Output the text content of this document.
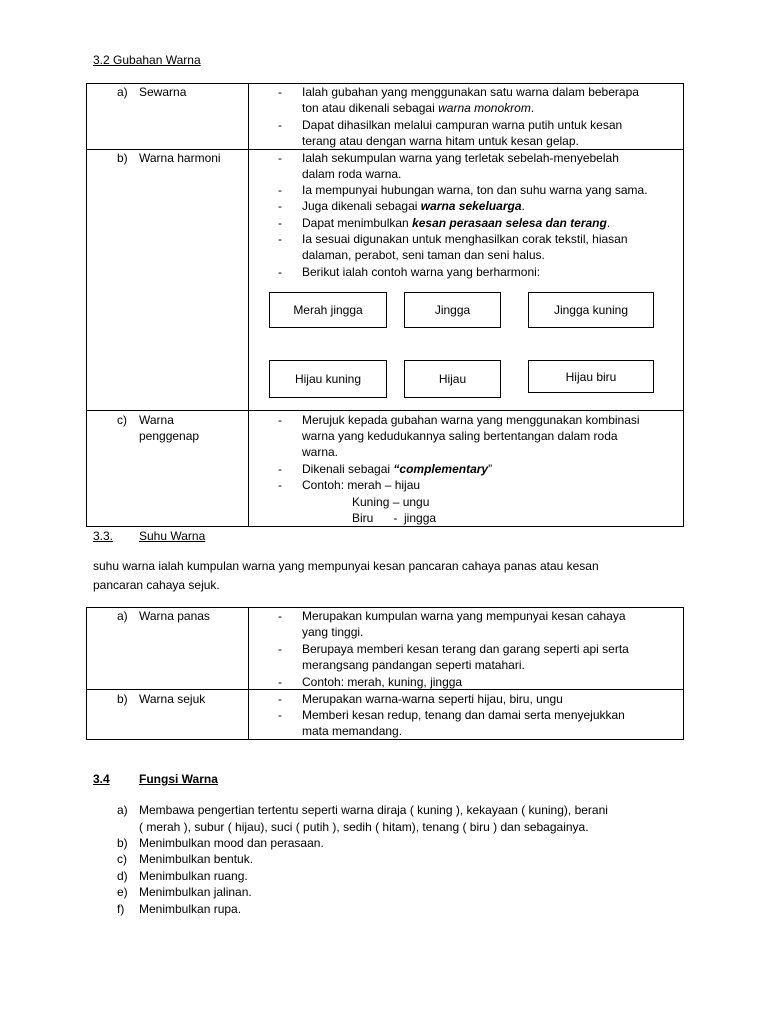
3.2 Gubahan Warna
a) Sewarna	- Ialah gubahan yang menggunakan satu warna dalam beberapa
ton atau dikenali sebagai warna monokrom.
- Dapat dihasilkan melalui campuran warna putih untuk kesan
terang atau dengan warna hitam untuk kesan gelap.
b) Warna harmoni	- Ialah sekumpulan warna yang terletak sebelah-menyebelah
dalam roda warna.
- Ia mempunyai hubungan warna, ton dan suhu warna yang sama.
- Juga dikenali sebagai warna sekeluarga.
- Dapat menimbulkan kesan perasaan selesa dan terang.
- Ia sesuai digunakan untuk menghasilkan corak tekstil, hiasan
dalaman, perabot, seni taman dan seni halus.
- Berikut ialah contoh warna yang berharmoni:
Merah jingga	Jingga	Jingga kuning
Hijau kuning	Hijau	Hijau biru
c) Warna
penggenap
- Merujuk kepada gubahan warna yang menggunakan kombinasi
warna yang kedudukannya saling bertentangan dalam roda
warna.
- Dikenali sebagai “complementary”
- Contoh: merah – hijau
Kuning – ungu
Biru      -  jingga
3.3. Suhu Warna
suhu warna ialah kumpulan warna yang mempunyai kesan pancaran cahaya panas atau kesan
pancaran cahaya sejuk.
a) Warna panas	- Merupakan kumpulan warna yang mempunyai kesan cahaya
yang tinggi.
- Berupaya memberi kesan terang dan garang seperti api serta
merangsang pandangan seperti matahari.
- Contoh: merah, kuning, jingga
b) Warna sejuk	- Merupakan warna-warna seperti hijau, biru, ungu
- Memberi kesan redup, tenang dan damai serta menyejukkan
mata memandang.
3.4 Fungsi Warna
a) Membawa pengertian tertentu seperti warna diraja ( kuning ), kekayaan ( kuning), berani
( merah ), subur ( hijau), suci ( putih ), sedih ( hitam), tenang ( biru ) dan sebagainya.
b) Menimbulkan mood dan perasaan.
c) Menimbulkan bentuk.
d) Menimbulkan ruang.
e) Menimbulkan jalinan.
f) Menimbulkan rupa.
